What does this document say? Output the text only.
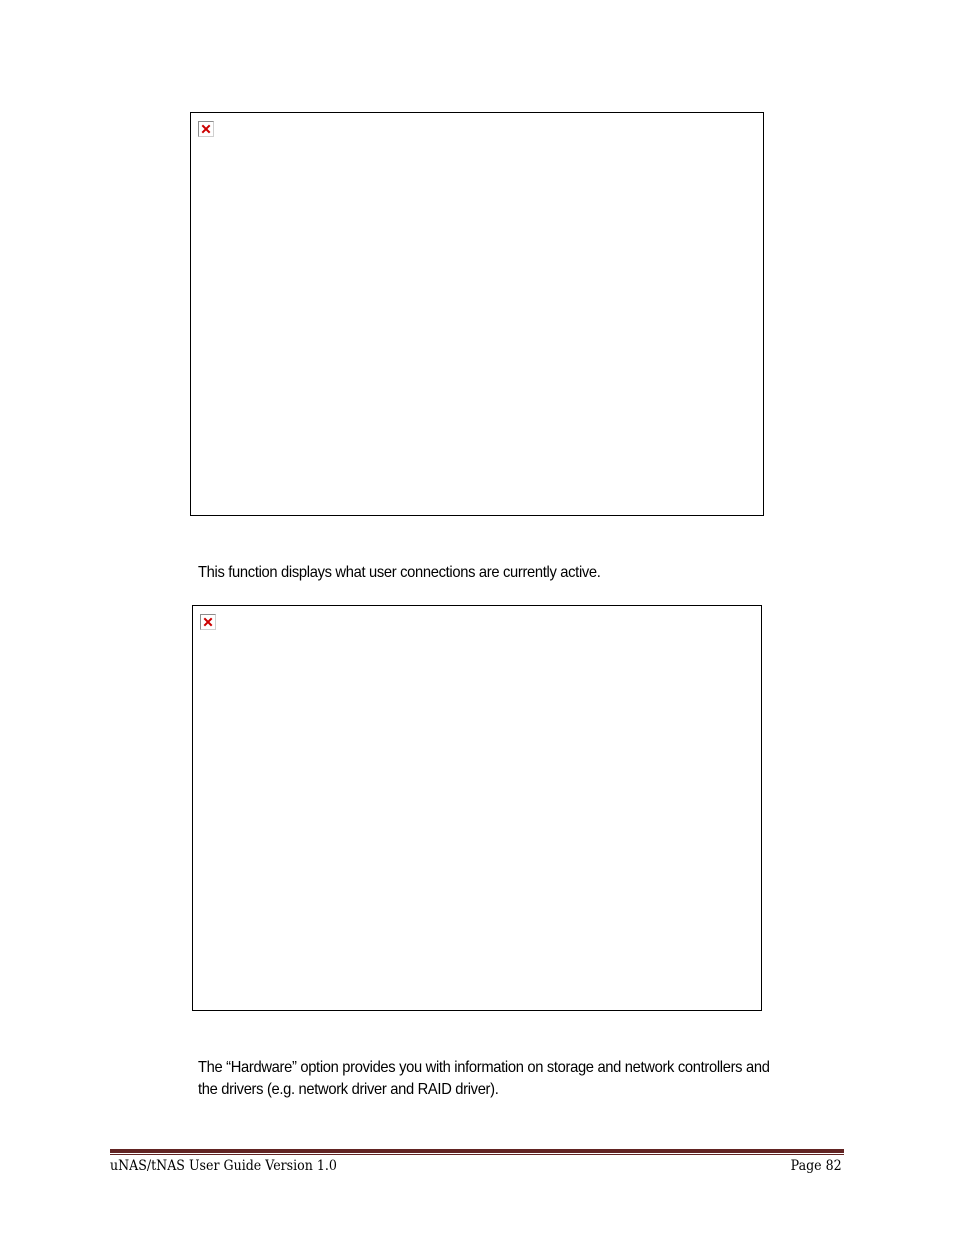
This function displays what user connections are currently active.

The “Hardware” option provides you with information on storage and network controllers and
the drivers (e.g. network driver and RAID driver).
uNAS/tNAS User Guide Version 1.0	Page 82
